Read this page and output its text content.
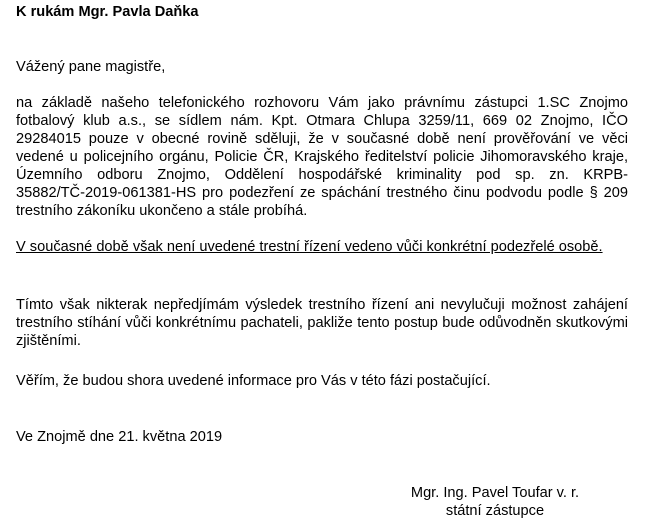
K rukám Mgr. Pavla Daňka
Vážený pane magistře,

na základě našeho telefonického rozhovoru Vám jako právnímu zástupci 1.SC Znojmo fotbalový klub a.s., se sídlem nám. Kpt. Otmara Chlupa 3259/11, 669 02 Znojmo, IČO 29284015 pouze v obecné rovině sděluji, že v současné době není prověřování ve věci vedené u policejního orgánu, Policie ČR, Krajského ředitelství policie Jihomoravského kraje, Územního odboru Znojmo, Oddělení hospodářské kriminality pod sp. zn. KRPB-35882/TČ-2019-061381-HS pro podezření ze spáchání trestného činu podvodu podle § 209 trestního zákoníku ukončeno a stále probíhá.

V současné době však není uvedené trestní řízení vedeno vůči konkrétní podezřelé osobě.

Tímto však nikterak nepředjímám výsledek trestního řízení ani nevylučuji možnost zahájení trestního stíhání vůči konkrétnímu pachateli, pakliže tento postup bude odůvodněn skutkovými zjištěními.

Věřím, že budou shora uvedené informace pro Vás v této fázi postačující.

Ve Znojmě dne 21. května 2019
Mgr. Ing. Pavel Toufar v. r.
státní zástupce
